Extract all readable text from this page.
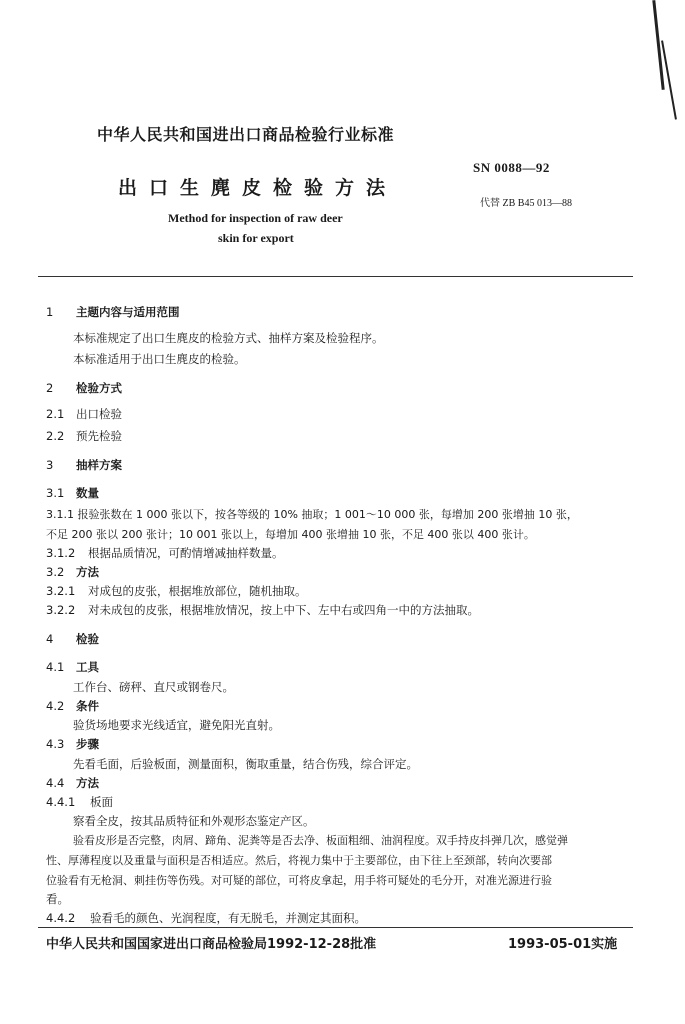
中华人民共和国进出口商品检验行业标准
SN 0088—92
出口生麂皮检验方法
代替 ZB B45 013—88
Method for inspection of raw deer
skin for export
1 主题内容与适用范围
本标准规定了出口生麂皮的检验方式、抽样方案及检验程序。
本标准适用于出口生麂皮的检验。
2 检验方式
2.1 出口检验
2.2 预先检验
3 抽样方案
3.1 数量
3.1.1 报验张数在 1 000 张以下，按各等级的 10% 抽取；1 001～10 000 张，每增加 200 张增抽 10 张，
不足 200 张以 200 张计；10 001 张以上，每增加 400 张增抽 10 张，不足 400 张以 400 张计。
3.1.2 根据品质情况，可酌情增减抽样数量。
3.2 方法
3.2.1 对成包的皮张，根据堆放部位，随机抽取。
3.2.2 对未成包的皮张，根据堆放情况，按上中下、左中右或四角一中的方法抽取。
4 检验
4.1 工具
工作台、磅秤、直尺或钢卷尺。
4.2 条件
验货场地要求光线适宜，避免阳光直射。
4.3 步骤
先看毛面，后验板面，测量面积，衡取重量，结合伤残，综合评定。
4.4 方法
4.4.1 板面
察看全皮，按其品质特征和外观形态鉴定产区。
验看皮形是否完整，肉屑、蹄角、泥粪等是否去净、板面粗细、油润程度。双手持皮抖弹几次，感觉弹
性、厚薄程度以及重量与面积是否相适应。然后，将视力集中于主要部位，由下往上至颈部，转向次要部
位验看有无枪洞、刺挂伤等伤残。对可疑的部位，可将皮拿起，用手将可疑处的毛分开，对准光源进行验
看。
4.4.2 验看毛的颜色、光润程度，有无脱毛，并测定其面积。
中华人民共和国国家进出口商品检验局1992-12-28批准	1993-05-01实施
